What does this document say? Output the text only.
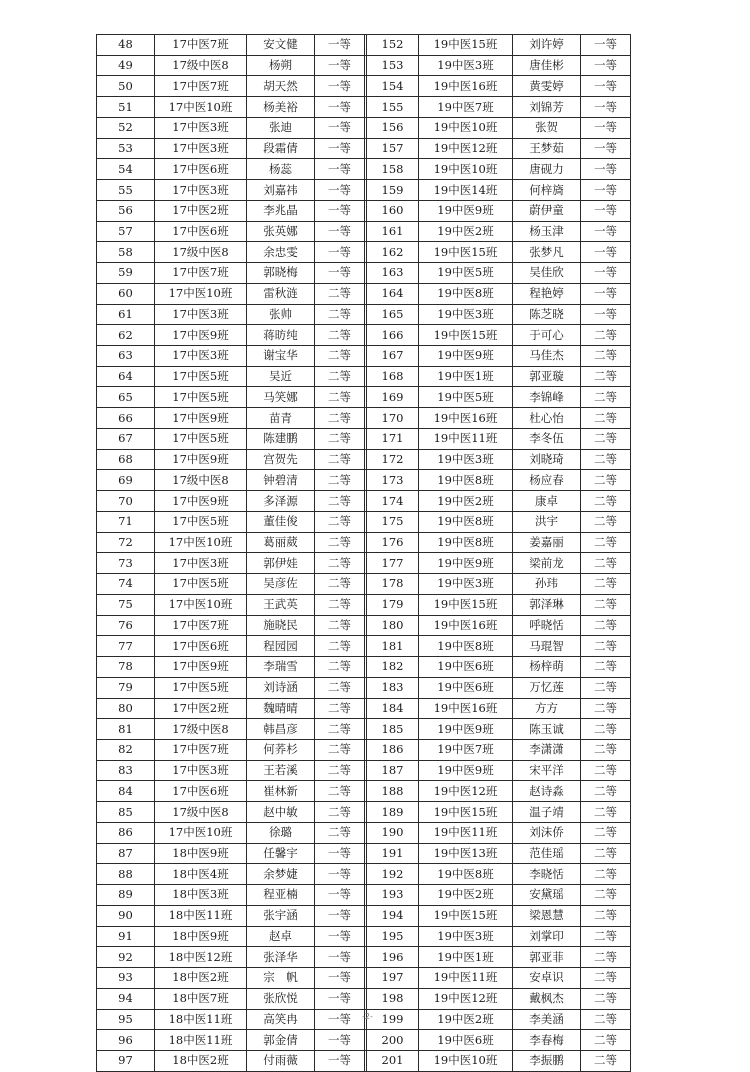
48	17中医7班	安文健	一等		152	19中医15班	刘许婷	一等
49	17级中医8	杨朔	一等		153	19中医3班	唐佳彬	一等
50	17中医7班	胡天然	一等		154	19中医16班	黄雯婷	一等
51	17中医10班	杨美裕	一等		155	19中医7班	刘锦芳	一等
52	17中医3班	张迪	一等		156	19中医10班	张贺	一等
53	17中医3班	段霜倩	一等		157	19中医12班	王梦茹	一等
54	17中医6班	杨蕊	一等		158	19中医10班	唐砚力	一等
55	17中医3班	刘嘉祎	一等		159	19中医14班	何梓旖	一等
56	17中医2班	李兆晶	一等		160	19中医9班	蔚伊童	一等
57	17中医6班	张英娜	一等		161	19中医2班	杨玉津	一等
58	17级中医8	余忠雯	一等		162	19中医15班	张梦凡	一等
59	17中医7班	郭晓梅	一等		163	19中医5班	吴佳欣	一等
60	17中医10班	雷秋涟	二等		164	19中医8班	程艳婷	一等
61	17中医3班	张帅	二等		165	19中医3班	陈芝晓	一等
62	17中医9班	蒋昉纯	二等		166	19中医15班	于可心	二等
63	17中医3班	谢宝华	二等		167	19中医9班	马佳杰	二等
64	17中医5班	吴近	二等		168	19中医1班	郭亚璇	二等
65	17中医5班	马笑娜	二等		169	19中医5班	李锦峰	二等
66	17中医9班	苗青	二等		170	19中医16班	杜心怡	二等
67	17中医5班	陈建鹏	二等		171	19中医11班	李冬伍	二等
68	17中医9班	宫贺先	二等		172	19中医3班	刘晓琦	二等
69	17级中医8	钟碧清	二等		173	19中医8班	杨应春	二等
70	17中医9班	多泽源	二等		174	19中医2班	康卓	二等
71	17中医5班	董佳俊	二等		175	19中医8班	洪宇	二等
72	17中医10班	葛丽葳	二等		176	19中医8班	姜嘉丽	二等
73	17中医3班	郭伊娃	二等		177	19中医9班	梁前龙	二等
74	17中医5班	吴彦佐	二等		178	19中医3班	孙玮	二等
75	17中医10班	王武英	二等		179	19中医15班	郭泽琳	二等
76	17中医7班	施晓民	二等		180	19中医16班	呼晓恬	二等
77	17中医6班	程园园	二等		181	19中医8班	马琨智	二等
78	17中医9班	李瑞雪	二等		182	19中医6班	杨梓萌	二等
79	17中医5班	刘诗涵	二等		183	19中医6班	万忆莲	二等
80	17中医2班	魏晴晴	二等		184	19中医16班	方方	二等
81	17级中医8	韩昌彦	二等		185	19中医9班	陈玉诚	二等
82	17中医7班	何荞杉	二等		186	19中医7班	李潇潇	二等
83	17中医3班	王若溪	二等		187	19中医9班	宋平洋	二等
84	17中医6班	崔林新	二等		188	19中医12班	赵诗淼	二等
85	17级中医8	赵中敏	二等		189	19中医15班	温子靖	二等
86	17中医10班	徐璐	二等		190	19中医11班	刘沫侨	二等
87	18中医9班	任馨宇	一等		191	19中医13班	范佳瑶	二等
88	18中医4班	余梦婕	一等		192	19中医8班	李晓恬	二等
89	18中医3班	程亚楠	一等		193	19中医2班	安黛瑶	二等
90	18中医11班	张宇涵	一等		194	19中医15班	梁恩慧	二等
91	18中医9班	赵卓	一等		195	19中医3班	刘掌印	二等
92	18中医12班	张泽华	一等		196	19中医1班	郭亚菲	二等
93	18中医2班	宗　帆	一等		197	19中医11班	安卓识	二等
94	18中医7班	张欣悦	一等		198	19中医12班	戴枫杰	二等
95	18中医11班	高笑冉	一等		199	19中医2班	李美涵	二等
96	18中医11班	郭金倩	一等		200	19中医6班	李春梅	二等
97	18中医2班	付雨薇	一等		201	19中医10班	李振鹏	二等
-2-
